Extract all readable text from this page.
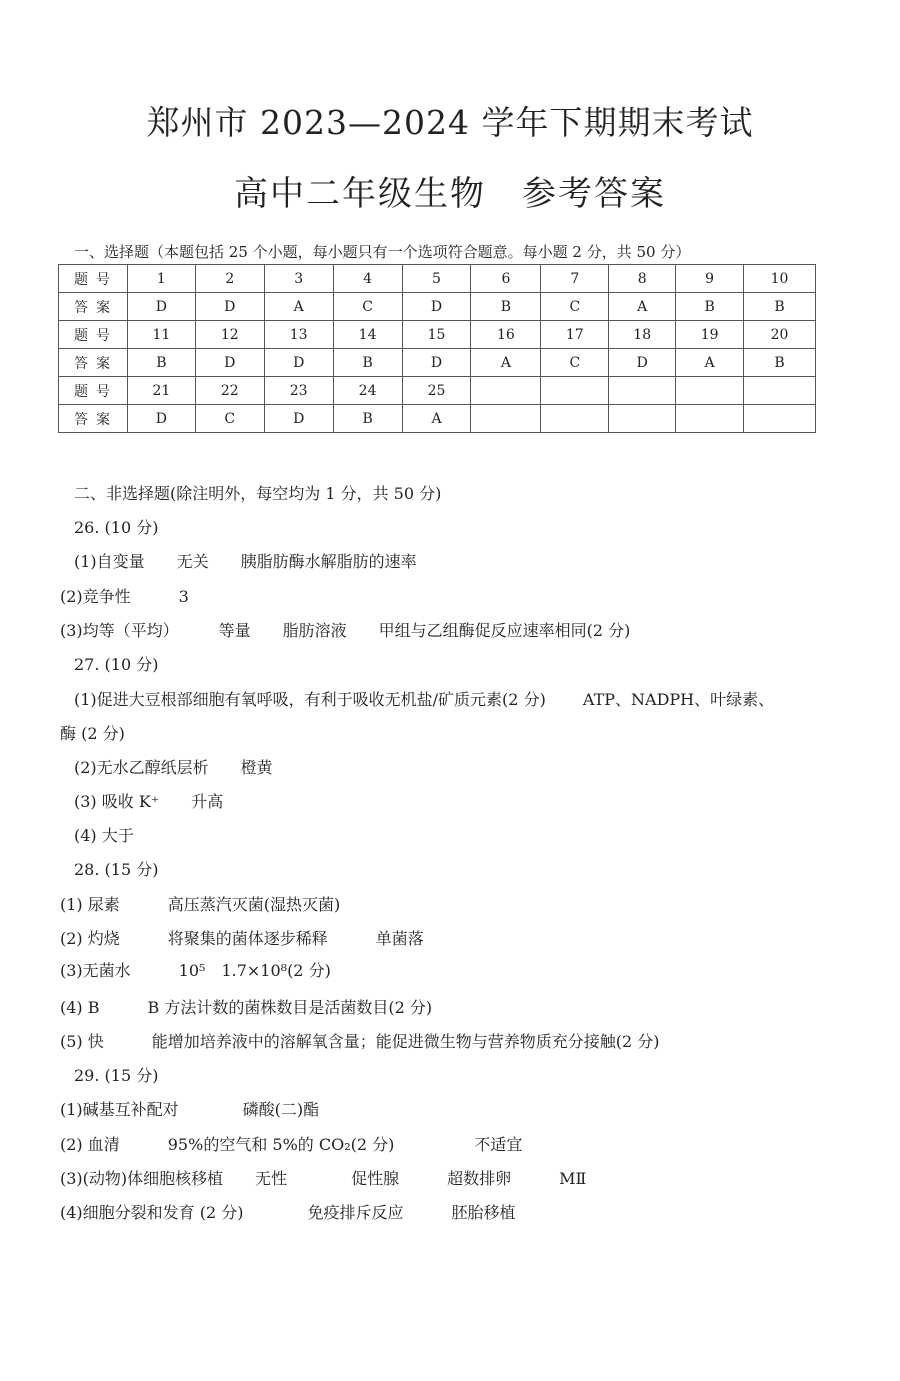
郑州市 2023—2024 学年下期期末考试
高中二年级生物　参考答案
一、选择题（本题包括 25 个小题，每小题只有一个选项符合题意。每小题 2 分，共 50 分）
题号	1	2	3	4	5	6	7	8	9	10
答案	D	D	A	C	D	B	C	A	B	B
题号	11	12	13	14	15	16	17	18	19	20
答案	B	D	D	B	D	A	C	D	A	B
题号	21	22	23	24	25					
答案	D	C	D	B	A					
二、非选择题(除注明外，每空均为 1 分，共 50 分)
26. (10 分)
(1)自变量　　无关　　胰脂肪酶水解脂肪的速率
(2)竞争性　　　3
(3)均等（平均）　　　等量　　脂肪溶液　　甲组与乙组酶促反应速率相同(2 分)
27. (10 分)
(1)促进大豆根部细胞有氧呼吸，有利于吸收无机盐/矿质元素(2 分)　　 ATP、NADPH、叶绿素、
酶 (2 分)
(2)无水乙醇纸层析　　橙黄
(3) 吸收 K⁺　　升高
(4) 大于
28. (15 分)
(1) 尿素　　　高压蒸汽灭菌(湿热灭菌)
(2) 灼烧　　　将聚集的菌体逐步稀释　　　单菌落
(3)无菌水　　　10⁵　1.7×10⁸(2 分)
(4) B　　　B 方法计数的菌株数目是活菌数目(2 分)
(5) 快　　　能增加培养液中的溶解氧含量；能促进微生物与营养物质充分接触(2 分)
29. (15 分)
(1)碱基互补配对　　　　磷酸(二)酯
(2) 血清　　　95%的空气和 5%的 CO₂(2 分)　　　　　不适宜
(3)(动物)体细胞核移植　　无性　　　　促性腺　　　超数排卵　　　MⅡ
(4)细胞分裂和发育 (2 分)　　　　免疫排斥反应　　　胚胎移植
